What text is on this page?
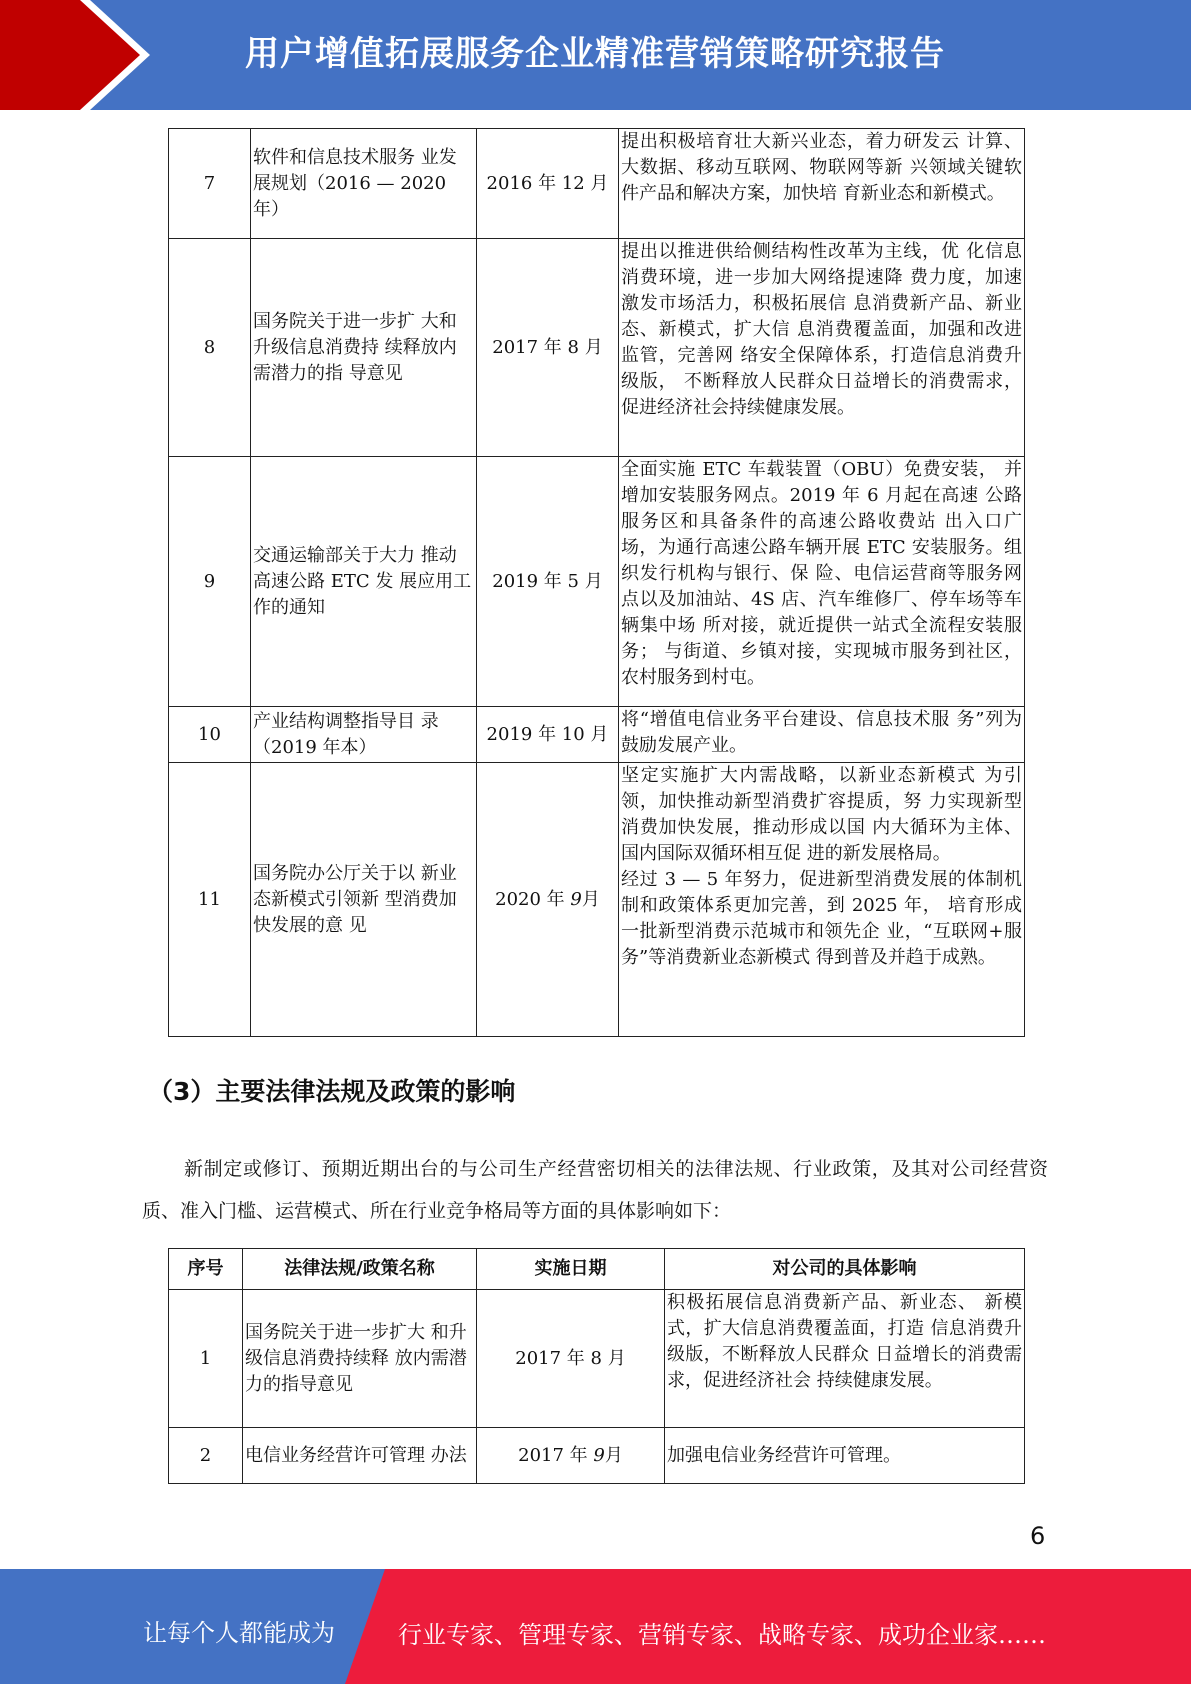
用户增值拓展服务企业精准营销策略研究报告
7	软件和信息技术服务 业发展规划（2016 — 2020 年）	2016 年 12 月	提出积极培育壮大新兴业态，着力研发云 计算、大数据、移动互联网、物联网等新 兴领域关键软件产品和解决方案，加快培 育新业态和新模式。
8	国务院关于进一步扩 大和升级信息消费持 续释放内需潜力的指 导意见	2017 年 8 月	提出以推进供给侧结构性改革为主线，优 化信息消费环境，进一步加大网络提速降 费力度，加速激发市场活力，积极拓展信 息消费新产品、新业态、新模式，扩大信 息消费覆盖面，加强和改进监管，完善网 络安全保障体系，打造信息消费升级版， 不断释放人民群众日益增长的消费需求， 促进经济社会持续健康发展。
9	交通运输部关于大力 推动高速公路 ETC 发 展应用工作的通知	2019 年 5 月	全面实施 ETC 车载装置（OBU）免费安装， 并增加安装服务网点。2019 年 6 月起在高速 公路服务区和具备条件的高速公路收费站 出入口广场，为通行高速公路车辆开展 ETC 安装服务。组织发行机构与银行、保 险、电信运营商等服务网点以及加油站、4S 店、汽车维修厂、停车场等车辆集中场 所对接，就近提供一站式全流程安装服务； 与街道、乡镇对接，实现城市服务到社区， 农村服务到村屯。
10	产业结构调整指导目 录（2019 年本）	2019 年 10 月	将“增值电信业务平台建设、信息技术服 务”列为鼓励发展产业。
11	国务院办公厅关于以 新业态新模式引领新 型消费加快发展的意 见	2020 年 9月	坚定实施扩大内需战略，以新业态新模式 为引领，加快推动新型消费扩容提质，努 力实现新型消费加快发展，推动形成以国 内大循环为主体、国内国际双循环相互促 进的新发展格局。
经过 3 — 5 年努力，促进新型消费发展的体制机制和政策体系更加完善，到 2025 年， 培育形成一批新型消费示范城市和领先企 业，“互联网+服务”等消费新业态新模式 得到普及并趋于成熟。
（3）主要法律法规及政策的影响
新制定或修订、预期近期出台的与公司生产经营密切相关的法律法规、行业政策，及其对公司经营资质、准入门槛、运营模式、所在行业竞争格局等方面的具体影响如下：
序号	法律法规/政策名称	实施日期	对公司的具体影响
1	国务院关于进一步扩大 和升级信息消费持续释 放内需潜力的指导意见	2017 年 8 月	积极拓展信息消费新产品、新业态、 新模式，扩大信息消费覆盖面，打造 信息消费升级版，不断释放人民群众 日益增长的消费需求，促进经济社会 持续健康发展。
2	电信业务经营许可管理 办法	2017 年 9月	加强电信业务经营许可管理。
6
让每个人都能成为	行业专家、管理专家、营销专家、战略专家、成功企业家……
